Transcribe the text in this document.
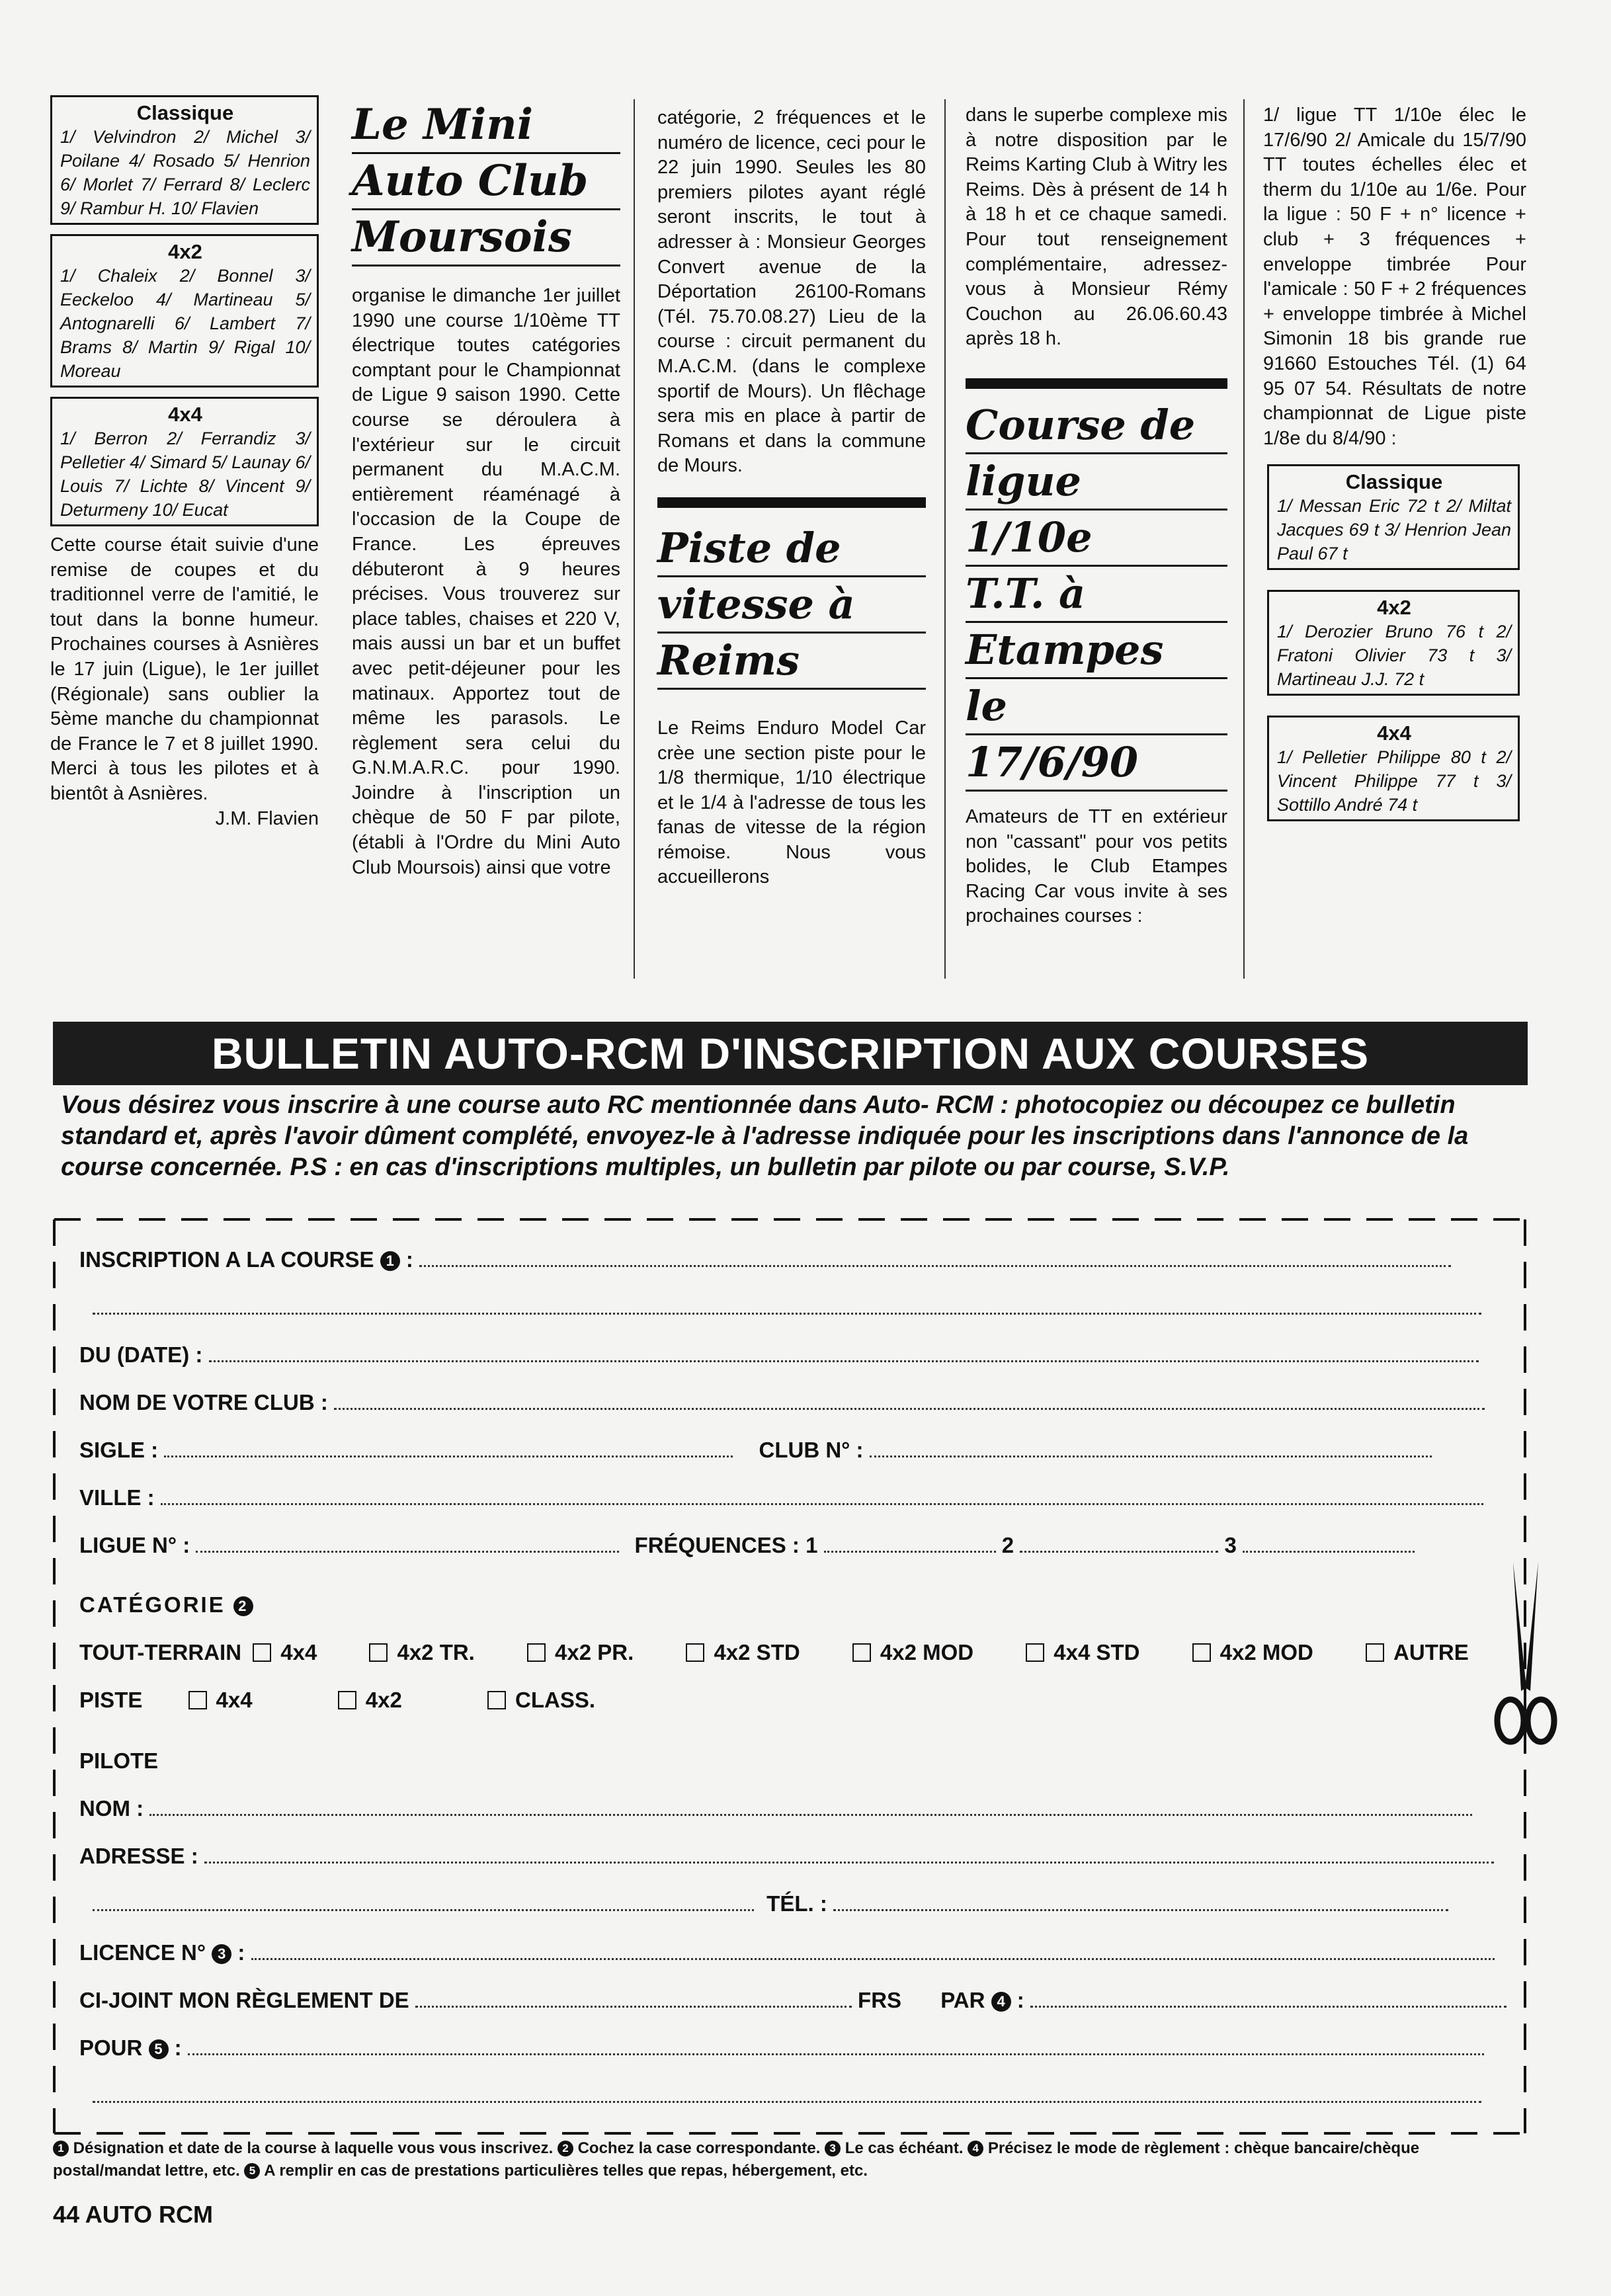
Classique
1/ Velvindron 2/ Michel 3/ Poilane 4/ Rosado 5/ Henrion 6/ Morlet 7/ Ferrard 8/ Leclerc 9/ Rambur H. 10/ Flavien
4x2
1/ Chaleix 2/ Bonnel 3/ Eeckeloo 4/ Martineau 5/ Antognarelli 6/ Lambert 7/ Brams 8/ Martin 9/ Rigal 10/ Moreau
4x4
1/ Berron 2/ Ferrandiz 3/ Pelletier 4/ Simard 5/ Launay 6/ Louis 7/ Lichte 8/ Vincent 9/ Deturmeny 10/ Eucat

Cette course était suivie d'une remise de coupes et du traditionnel verre de l'amitié, le tout dans la bonne humeur. Prochaines courses à Asnières le 17 juin (Ligue), le 1er juillet (Régionale) sans oublier la 5ème manche du championnat de France le 7 et 8 juillet 1990. Merci à tous les pilotes et à bientôt à Asnières.

J.M. Flavien

Le Mini
Auto Club
Moursois

organise le dimanche 1er juillet 1990 une course 1/10ème TT électrique toutes catégories comptant pour le Championnat de Ligue 9 saison 1990. Cette course se déroulera à l'extérieur sur le circuit permanent du M.A.C.M. entièrement réaménagé à l'occasion de la Coupe de France. Les épreuves débuteront à 9 heures précises. Vous trouverez sur place tables, chaises et 220 V, mais aussi un bar et un buffet avec petit-déjeuner pour les matinaux. Apportez tout de même les parasols. Le règlement sera celui du G.N.M.A.R.C. pour 1990. Joindre à l'inscription un chèque de 50 F par pilote, (établi à l'Ordre du Mini Auto Club Moursois) ainsi que votre

catégorie, 2 fréquences et le numéro de licence, ceci pour le 22 juin 1990. Seules les 80 premiers pilotes ayant réglé seront inscrits, le tout à adresser à : Monsieur Georges Convert avenue de la Déportation 26100-Romans (Tél. 75.70.08.27) Lieu de la course : circuit permanent du M.A.C.M. (dans le complexe sportif de Mours). Un flêchage sera mis en place à partir de Romans et dans la commune de Mours.

Piste de
vitesse à
Reims

Le Reims Enduro Model Car crèe une section piste pour le 1/8 thermique, 1/10 électrique et le 1/4 à l'adresse de tous les fanas de vitesse de la région rémoise. Nous vous accueillerons

dans le superbe complexe mis à notre disposition par le Reims Karting Club à Witry les Reims. Dès à présent de 14 h à 18 h et ce chaque samedi. Pour tout renseignement complémentaire, adressez-vous à Monsieur Rémy Couchon au 26.06.60.43 après 18 h.

Course de
ligue
1/10e
T.T. à
Etampes
le
17/6/90

Amateurs de TT en extérieur non "cassant" pour vos petits bolides, le Club Etampes Racing Car vous invite à ses prochaines courses :

1/ ligue TT 1/10e élec le 17/6/90 2/ Amicale du 15/7/90 TT toutes échelles élec et therm du 1/10e au 1/6e. Pour la ligue : 50 F + n° licence + club + 3 fréquences + enveloppe timbrée Pour l'amicale : 50 F + 2 fréquences + enveloppe timbrée à Michel Simonin 18 bis grande rue 91660 Estouches Tél. (1) 64 95 07 54. Résultats de notre championnat de Ligue piste 1/8e du 8/4/90 :

Classique
1/ Messan Eric 72 t 2/ Miltat Jacques 69 t 3/ Henrion Jean Paul 67 t
4x2
1/ Derozier Bruno 76 t 2/ Fratoni Olivier 73 t 3/ Martineau J.J. 72 t
4x4
1/ Pelletier Philippe 80 t 2/ Vincent Philippe 77 t 3/ Sottillo André 74 t
BULLETIN AUTO-RCM D'INSCRIPTION AUX COURSES
Vous désirez vous inscrire à une course auto RC mentionnée dans Auto- RCM : photocopiez ou découpez ce bulletin standard et, après l'avoir dûment complété, envoyez-le à l'adresse indiquée pour les inscriptions dans l'annonce de la course concernée. P.S : en cas d'inscriptions multiples, un bulletin par pilote ou par course, S.V.P.
INSCRIPTION A LA COURSE 1 :
DU (DATE) :
NOM DE VOTRE CLUB :
SIGLE :	CLUB N° :
VILLE :
LIGUE N° :	FRÉQUENCES : 1	2	3
CATÉGORIE 2
TOUT-TERRAIN 4x4	4x2 TR.	4x2 PR.	4x2 STD	4x2 MOD	4x4 STD	4x2 MOD	AUTRE
PISTE	4x4	4x2	CLASS.
PILOTE
NOM :
ADRESSE :
TÉL. :
LICENCE N° 3 :
CI-JOINT MON RÈGLEMENT DE	FRS PAR 4 :
POUR 5 :
1 Désignation et date de la course à laquelle vous vous inscrivez. 2 Cochez la case correspondante. 3 Le cas échéant. 4 Précisez le mode de règlement : chèque bancaire/chèque postal/mandat lettre, etc. 5 A remplir en cas de prestations particulières telles que repas, hébergement, etc.
44 AUTO RCM
